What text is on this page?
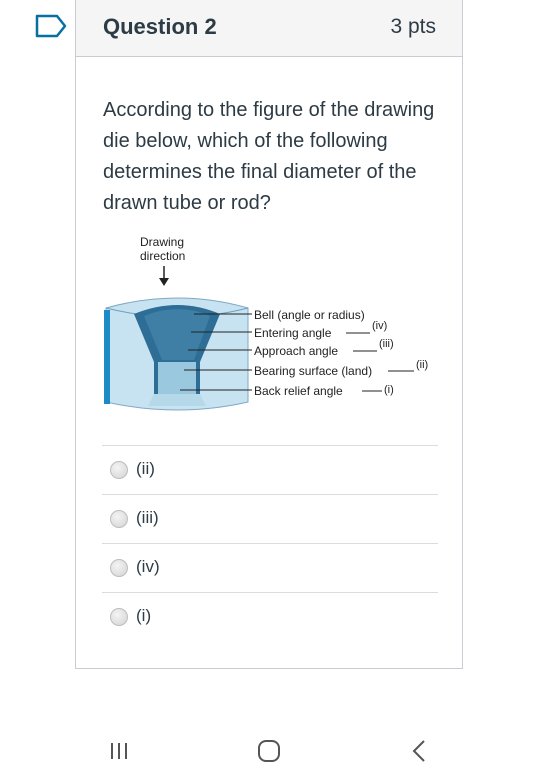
Question 2	3 pts
According to the figure of the drawing die below, which of the following determines the final diameter of the drawn tube or rod?
Drawing
direction
Bell (angle or radius)
Entering angle
Approach angle
Bearing surface (land)
Back relief angle
(iv)
(iii)
(ii)
(i)
(ii)
(iii)
(iv)
(i)
